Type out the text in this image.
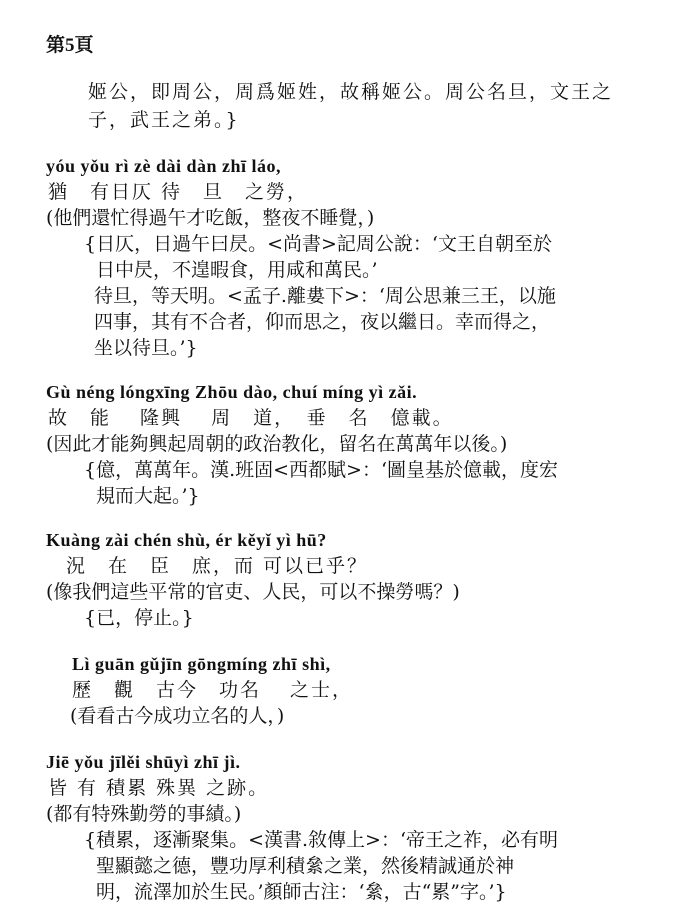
第5頁
姬公，即周公，周爲姬姓，故稱姬公。周公名旦，文王之
子，武王之弟。}
yóu yǒu rì zè dài dàn zhī láo,
猶　有日仄 待　旦　之勞，
(他們還忙得過午才吃飯，整夜不睡覺，)
{日仄，日過午曰昃。<尚書>記周公說：‘文王自朝至於
日中昃，不遑暇食，用咸和萬民。’
待旦，等天明。<孟子.離婁下>：‘周公思兼三王，以施
四事，其有不合者，仰而思之，夜以繼日。幸而得之，
坐以待旦。’}
Gù néng lóngxīng Zhōu dào, chuí míng yì zǎi.
故　能　 隆興　 周　道，　垂　名　億載。
(因此才能夠興起周朝的政治教化，留名在萬萬年以後。)
{億，萬萬年。漢.班固<西都賦>：‘圖皇基於億載，度宏
規而大起。’}
Kuàng zài chén shù, ér kěyǐ yì hū?
況　在　臣　庶，而 可以已乎？
(像我們這些平常的官吏、人民，可以不操勞嗎？)
{已，停止。}
Lì guān gǔjīn gōngmíng zhī shì,
歷　觀　古今　功名　 之士，
(看看古今成功立名的人，)
Jiē yǒu jīlěi shūyì zhī jì.
皆 有 積累 殊異 之跡。
(都有特殊勤勞的事績。)
{積累，逐漸聚集。<漢書.敘傳上>：‘帝王之祚，必有明
聖顯懿之德，豐功厚利積絫之業，然後精誠通於神
明，流澤加於生民。’顏師古注：‘絫，古“累”字。’}
